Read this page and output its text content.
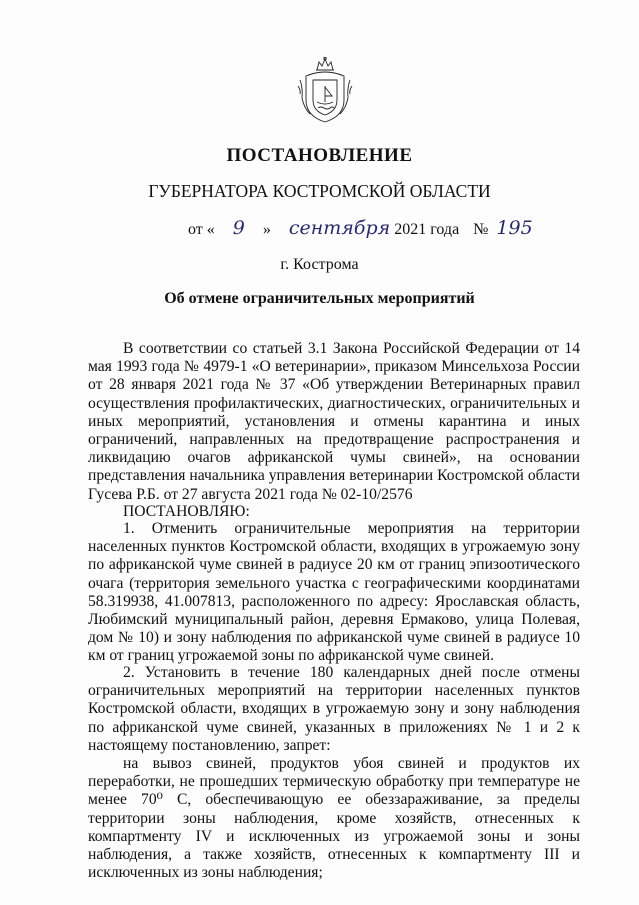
ПОСТАНОВЛЕНИЕ
ГУБЕРНАТОРА КОСТРОМСКОЙ ОБЛАСТИ
от « 9 » сентября 2021 года № 195
г. Кострома
Об отмене ограничительных мероприятий
В соответствии со статьей 3.1 Закона Российской Федерации от 14 мая 1993 года № 4979-1 «О ветеринарии», приказом Минсельхоза России от 28 января 2021 года № 37 «Об утверждении Ветеринарных правил осуществления профилактических, диагностических, ограничительных и иных мероприятий, установления и отмены карантина и иных ограничений, направленных на предотвращение распространения и ликвидацию очагов африканской чумы свиней», на основании представления начальника управления ветеринарии Костромской области Гусева Р.Б. от 27 августа 2021 года № 02-10/2576
ПОСТАНОВЛЯЮ:
1. Отменить ограничительные мероприятия на территории населенных пунктов Костромской области, входящих в угрожаемую зону по африканской чуме свиней в радиусе 20 км от границ эпизоотического очага (территория земельного участка с географическими координатами 58.319938, 41.007813, расположенного по адресу: Ярославская область, Любимский муниципальный район, деревня Ермаково, улица Полевая, дом № 10) и зону наблюдения по африканской чуме свиней в радиусе 10 км от границ угрожаемой зоны по африканской чуме свиней.
2. Установить в течение 180 календарных дней после отмены ограничительных мероприятий на территории населенных пунктов Костромской области, входящих в угрожаемую зону и зону наблюдения по африканской чуме свиней, указанных в приложениях № 1 и 2 к настоящему постановлению, запрет:
на вывоз свиней, продуктов убоя свиней и продуктов их переработки, не прошедших термическую обработку при температуре не менее 70⁰ С, обеспечивающую ее обеззараживание, за пределы территории зоны наблюдения, кроме хозяйств, отнесенных к компартменту IV и исключенных из угрожаемой зоны и зоны наблюдения, а также хозяйств, отнесенных к компартменту III и исключенных из зоны наблюдения;
